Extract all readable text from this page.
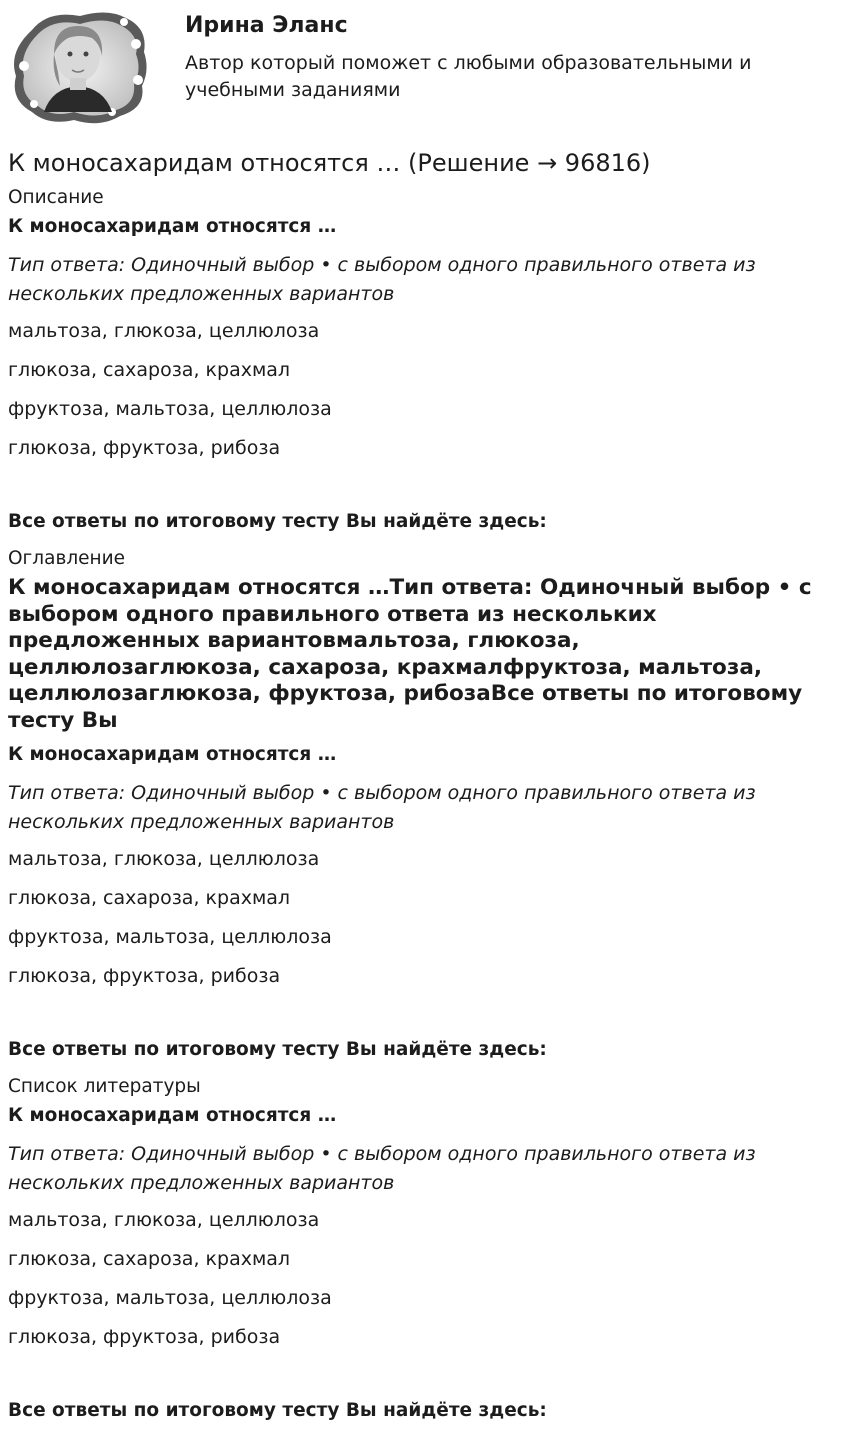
Ирина Эланс

Автор который поможет с любыми образовательными и учебными заданиями

К моносахаридам относятся … (Решение → 96816)
Описание
К моносахаридам относятся …
Тип ответа: Одиночный выбор • с выбором одного правильного ответа из нескольких предложенных вариантов
мальтоза, глюкоза, целлюлоза
глюкоза, сахароза, крахмал
фруктоза, мальтоза, целлюлоза
глюкоза, фруктоза, рибоза
Все ответы по итоговому тесту Вы найдёте здесь:
Оглавление
К моносахаридам относятся …Тип ответа: Одиночный выбор • с выбором одного правильного ответа из нескольких предложенных вариантовмальтоза, глюкоза, целлюлозаглюкоза, сахароза, крахмалфруктоза, мальтоза, целлюлозаглюкоза, фруктоза, рибозаВсе ответы по итоговому тесту Вы
К моносахаридам относятся …
Тип ответа: Одиночный выбор • с выбором одного правильного ответа из нескольких предложенных вариантов
мальтоза, глюкоза, целлюлоза
глюкоза, сахароза, крахмал
фруктоза, мальтоза, целлюлоза
глюкоза, фруктоза, рибоза
Все ответы по итоговому тесту Вы найдёте здесь:
Список литературы
К моносахаридам относятся …
Тип ответа: Одиночный выбор • с выбором одного правильного ответа из нескольких предложенных вариантов
мальтоза, глюкоза, целлюлоза
глюкоза, сахароза, крахмал
фруктоза, мальтоза, целлюлоза
глюкоза, фруктоза, рибоза
Все ответы по итоговому тесту Вы найдёте здесь:
